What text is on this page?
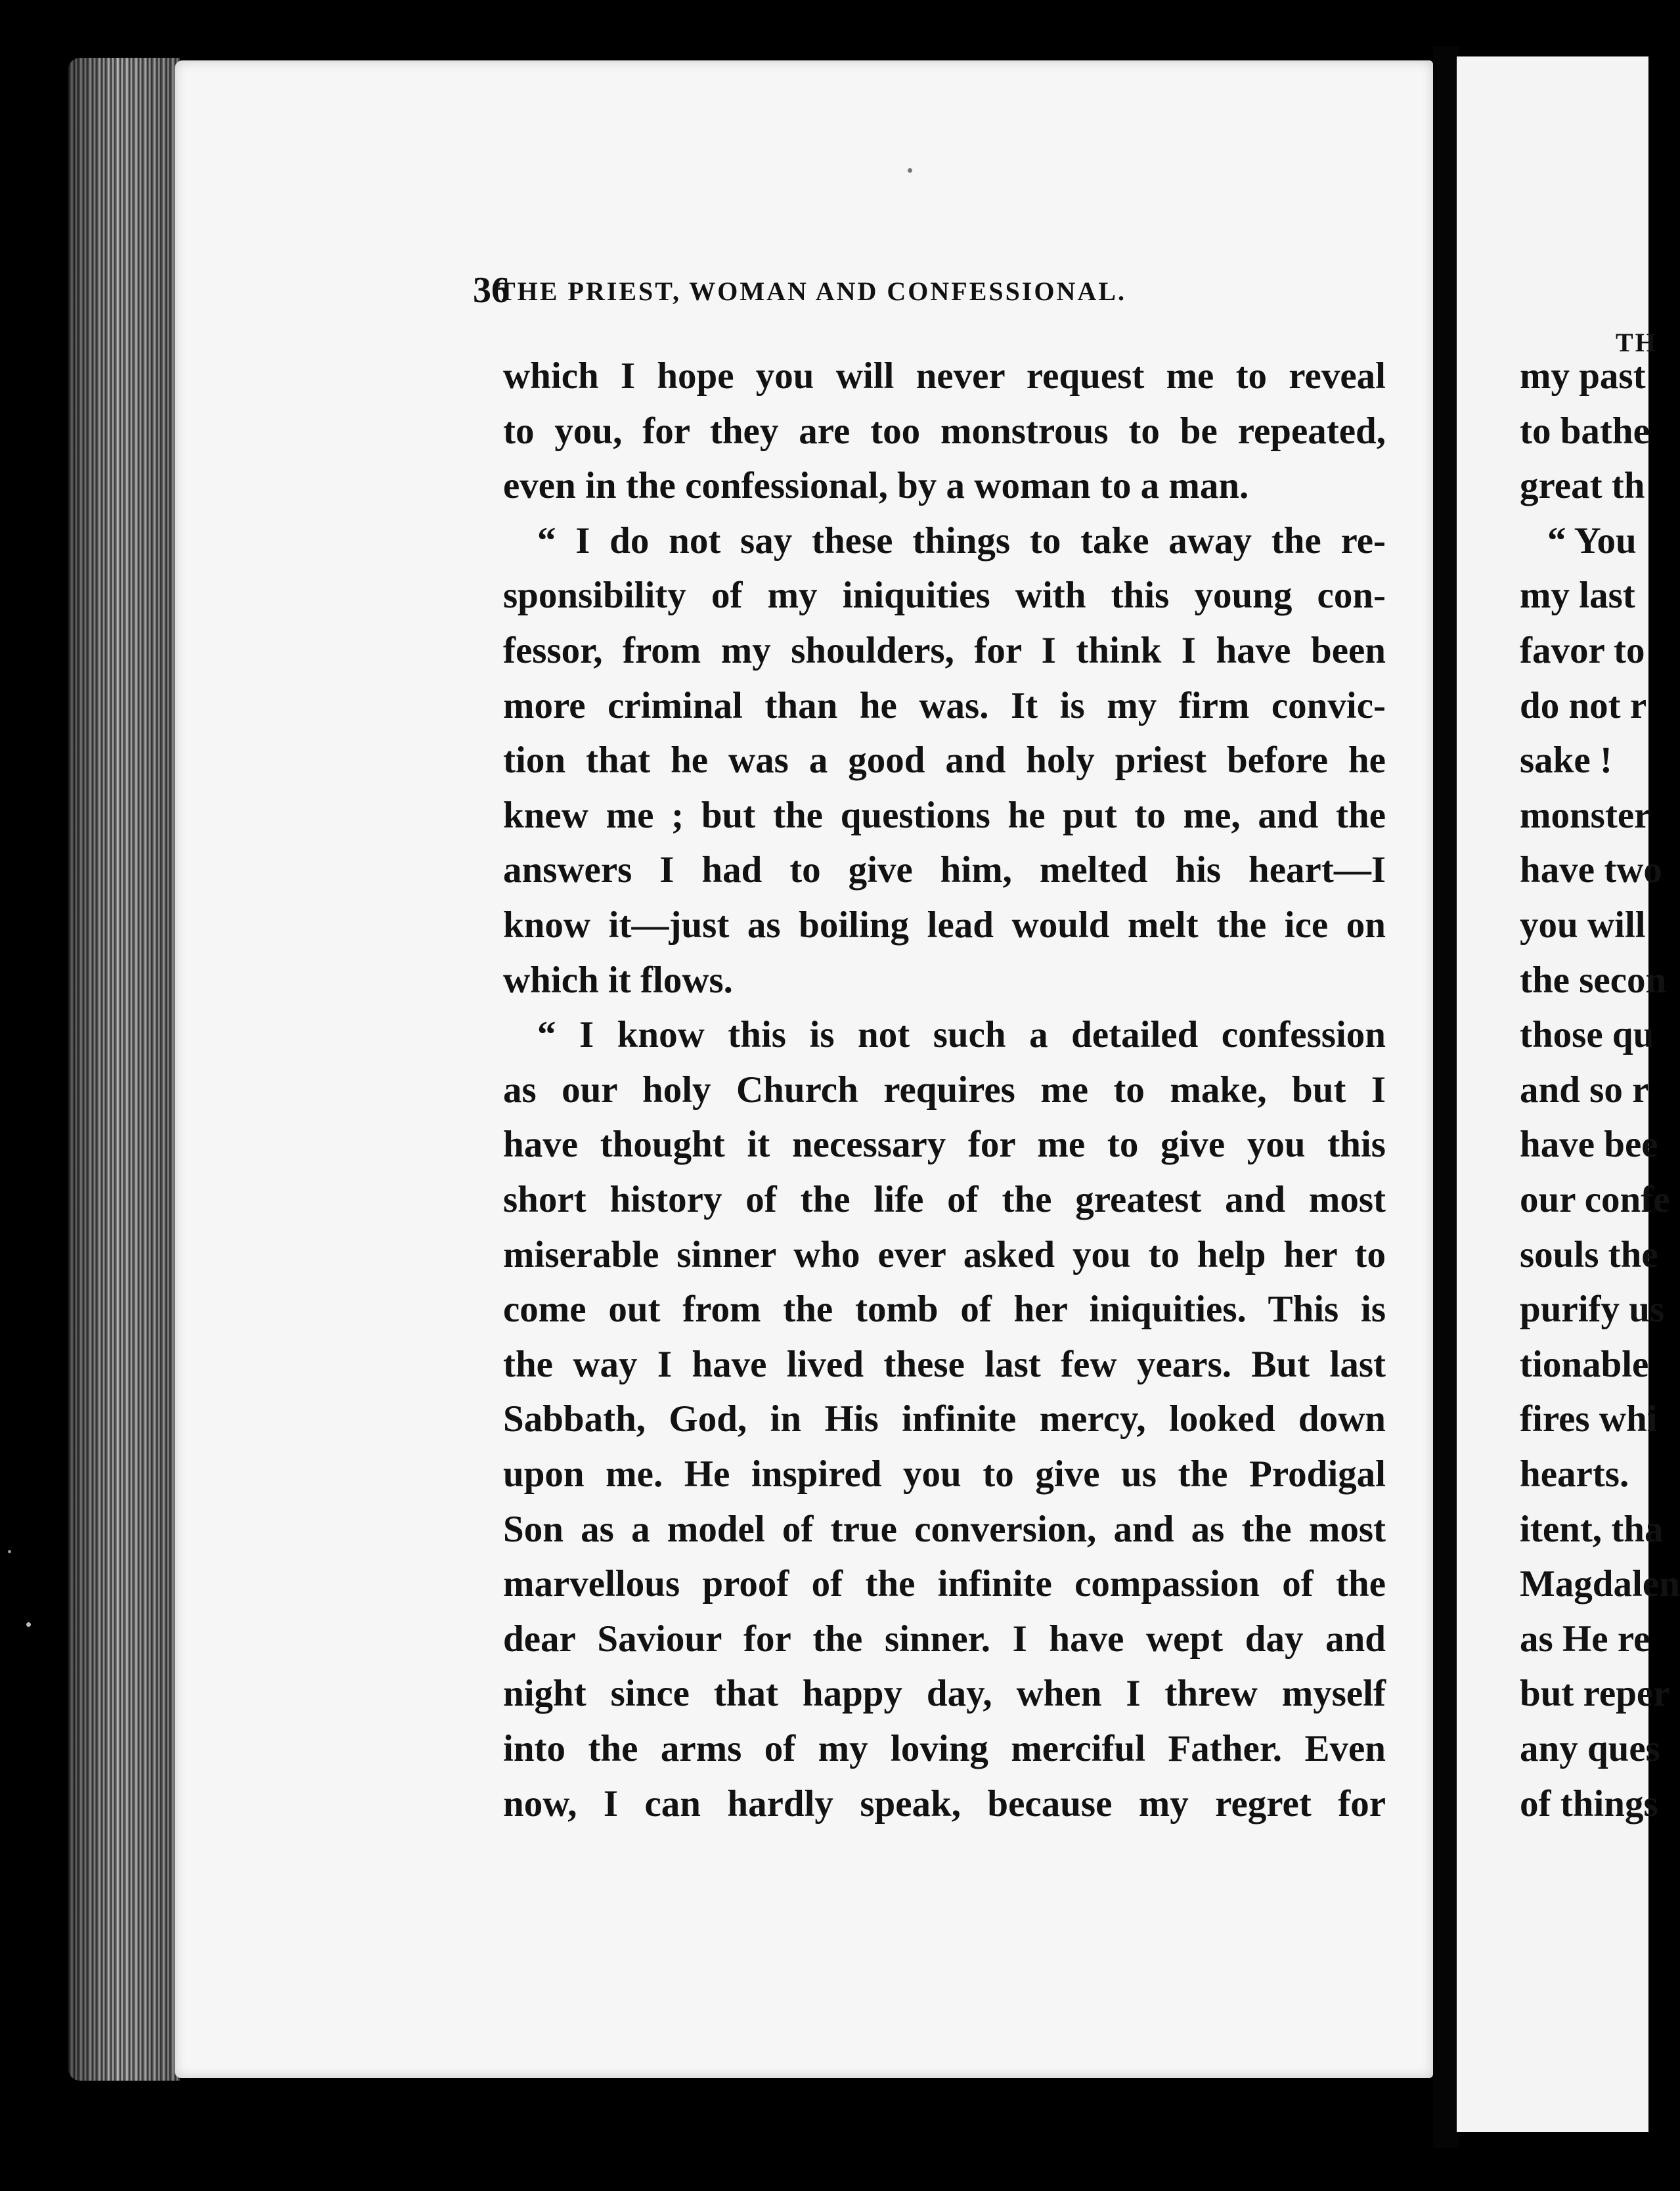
36
THE PRIEST, WOMAN AND CONFESSIONAL.
which I hope you will never request me to reveal
to you, for they are too monstrous to be repeated,
even in the confessional, by a woman to a man.
“ I do not say these things to take away the re-
sponsibility of my iniquities with this young con-
fessor, from my shoulders, for I think I have been
more criminal than he was. It is my firm convic-
tion that he was a good and holy priest before he
knew me ; but the questions he put to me, and the
answers I had to give him, melted his heart—I
know it—just as boiling lead would melt the ice on
which it flows.
“ I know this is not such a detailed confession
as our holy Church requires me to make, but I
have thought it necessary for me to give you this
short history of the life of the greatest and most
miserable sinner who ever asked you to help her to
come out from the tomb of her iniquities. This is
the way I have lived these last few years. But last
Sabbath, God, in His infinite mercy, looked down
upon me. He inspired you to give us the Prodigal
Son as a model of true conversion, and as the most
marvellous proof of the infinite compassion of the
dear Saviour for the sinner. I have wept day and
night since that happy day, when I threw myself
into the arms of my loving merciful Father. Even
now, I can hardly speak, because my regret for
TH
my past
to bathe
great th
“ You
my last
favor to
do not r
sake !
monster
have two
you will
the secon
those qu
and so r
have bee
our confe
souls the
purify us
tionable
fires whi
hearts.
itent, tha
Magdalen
as He re
but reper
any ques
of things
